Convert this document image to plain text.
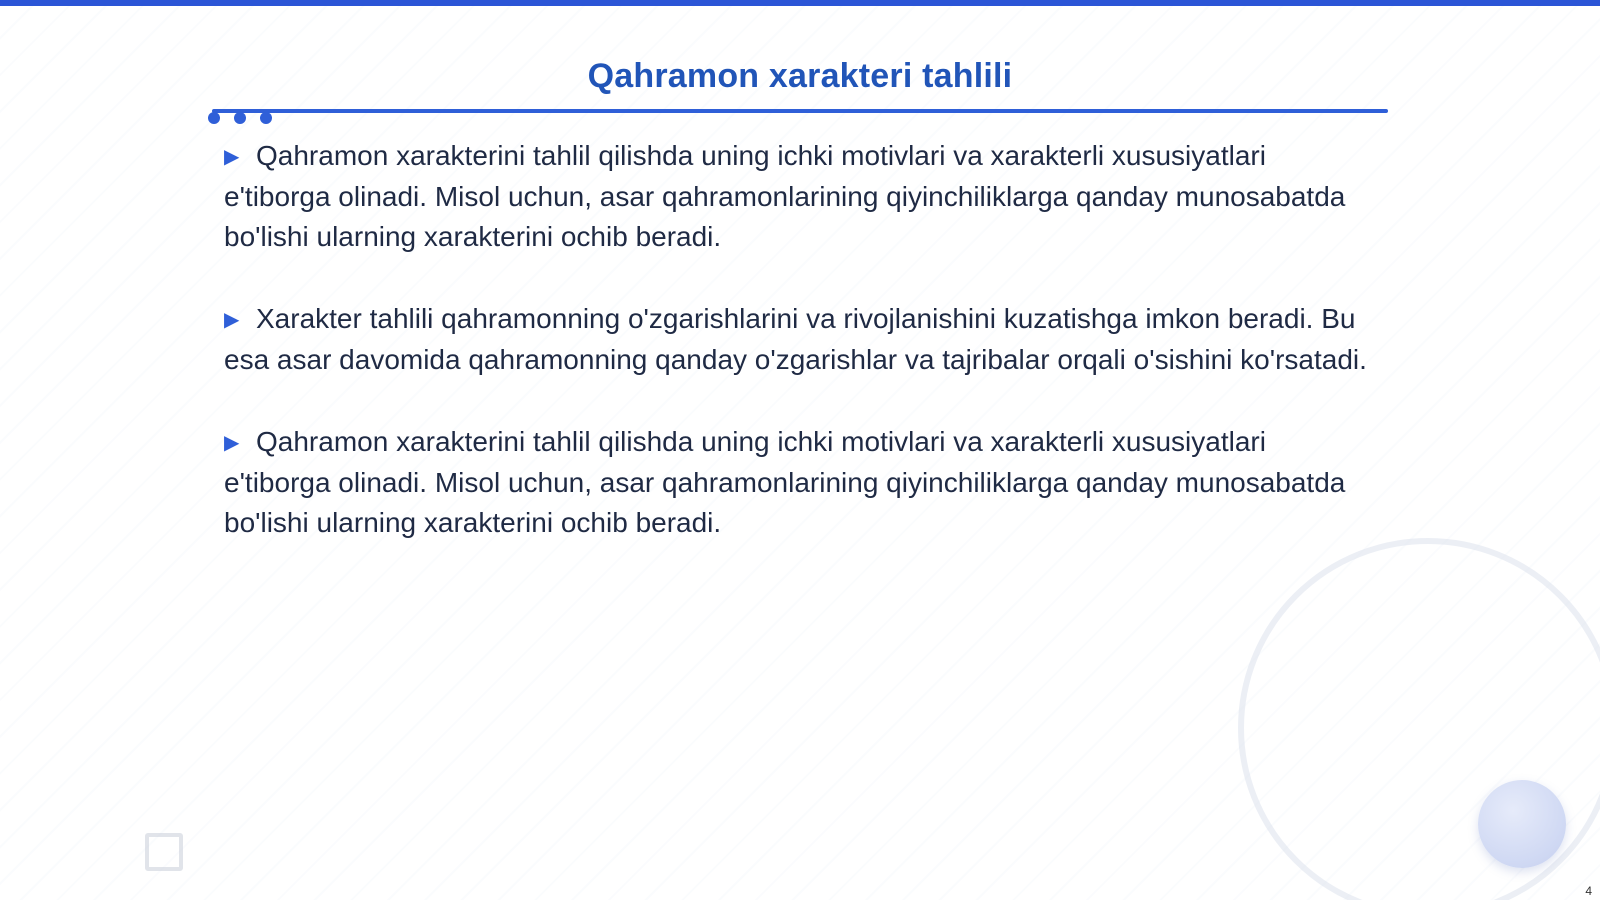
Qahramon xarakteri tahlili

▶ Qahramon xarakterini tahlil qilishda uning ichki motivlari va xarakterli xususiyatlari e'tiborga olinadi. Misol uchun, asar qahramonlarining qiyinchiliklarga qanday munosabatda bo'lishi ularning xarakterini ochib beradi.

▶ Xarakter tahlili qahramonning o'zgarishlarini va rivojlanishini kuzatishga imkon beradi. Bu esa asar davomida qahramonning qanday o'zgarishlar va tajribalar orqali o'sishini ko'rsatadi.

▶ Qahramon xarakterini tahlil qilishda uning ichki motivlari va xarakterli xususiyatlari e'tiborga olinadi. Misol uchun, asar qahramonlarining qiyinchiliklarga qanday munosabatda bo'lishi ularning xarakterini ochib beradi.

4
